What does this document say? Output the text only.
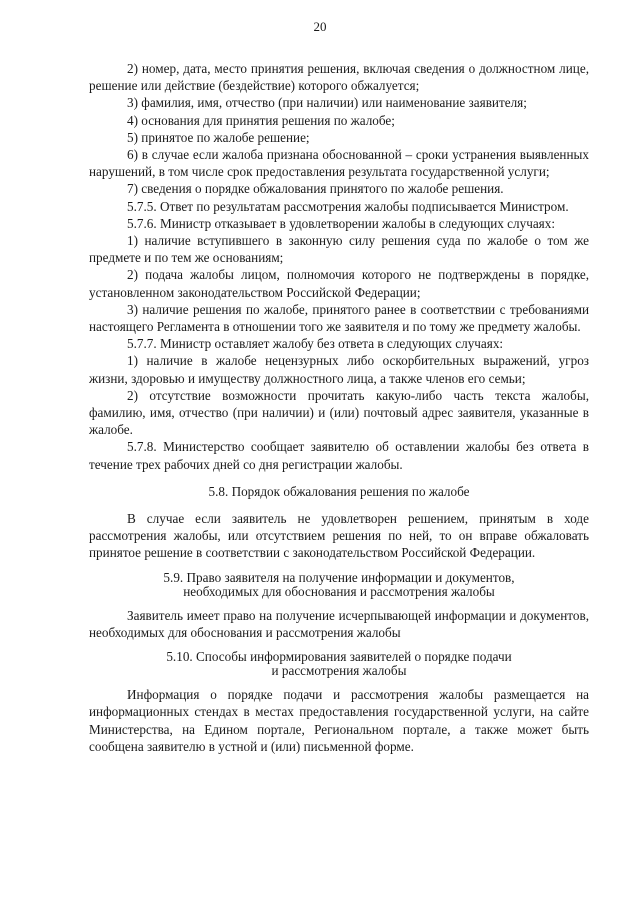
20

2) номер, дата, место принятия решения, включая сведения о должностном лице, решение или действие (бездействие) которого обжалуется;

3) фамилия, имя, отчество (при наличии) или наименование заявителя;

4) основания для принятия решения по жалобе;

5) принятое по жалобе решение;

6) в случае если жалоба признана обоснованной – сроки устранения выявленных нарушений, в том числе срок предоставления результата государственной услуги;

7) сведения о порядке обжалования принятого по жалобе решения.

5.7.5. Ответ по результатам рассмотрения жалобы подписывается Министром.

5.7.6. Министр отказывает в удовлетворении жалобы в следующих случаях:

1) наличие вступившего в законную силу решения суда по жалобе о том же предмете и по тем же основаниям;

2) подача жалобы лицом, полномочия которого не подтверждены в порядке, установленном законодательством Российской Федерации;

3) наличие решения по жалобе, принятого ранее в соответствии с требованиями настоящего Регламента в отношении того же заявителя и по тому же предмету жалобы.

5.7.7. Министр оставляет жалобу без ответа в следующих случаях:

1) наличие в жалобе нецензурных либо оскорбительных выражений, угроз жизни, здоровью и имуществу должностного лица, а также членов его семьи;

2) отсутствие возможности прочитать какую-либо часть текста жалобы, фамилию, имя, отчество (при наличии) и (или) почтовый адрес заявителя, указанные в жалобе.

5.7.8. Министерство сообщает заявителю об оставлении жалобы без ответа в течение трех рабочих дней со дня регистрации жалобы.

5.8. Порядок обжалования решения по жалобе

В случае если заявитель не удовлетворен решением, принятым в ходе рассмотрения жалобы, или отсутствием решения по ней, то он вправе обжаловать принятое решение в соответствии с законодательством Российской Федерации.

5.9. Право заявителя на получение информации и документов,
необходимых для обоснования и рассмотрения жалобы

Заявитель имеет право на получение исчерпывающей информации и документов, необходимых для обоснования и рассмотрения жалобы

5.10. Способы информирования заявителей о порядке подачи
и рассмотрения жалобы

Информация о порядке подачи и рассмотрения жалобы размещается на информационных стендах в местах предоставления государственной услуги, на сайте Министерства, на Едином портале, Региональном портале, а также может быть сообщена заявителю в устной и (или) письменной форме.
